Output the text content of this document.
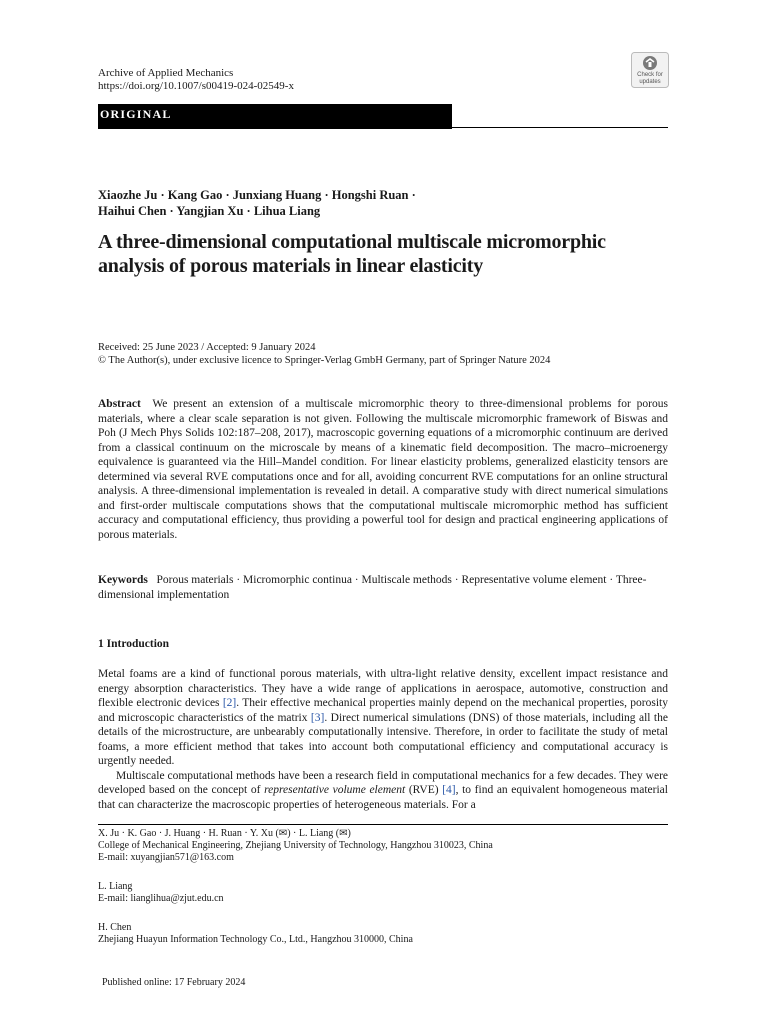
Archive of Applied Mechanics
https://doi.org/10.1007/s00419-024-02549-x
Check for
updates
ORIGINAL
Xiaozhe Ju · Kang Gao · Junxiang Huang · Hongshi Ruan ·
Haihui Chen · Yangjian Xu · Lihua Liang
A three-dimensional computational multiscale micromorphic
analysis of porous materials in linear elasticity
Received: 25 June 2023 / Accepted: 9 January 2024
© The Author(s), under exclusive licence to Springer-Verlag GmbH Germany, part of Springer Nature 2024
Abstract We present an extension of a multiscale micromorphic theory to three-dimensional problems for porous materials, where a clear scale separation is not given. Following the multiscale micromorphic framework of Biswas and Poh (J Mech Phys Solids 102:187–208, 2017), macroscopic governing equations of a micromorphic continuum are derived from a classical continuum on the microscale by means of a kinematic field decomposition. The macro–microenergy equivalence is guaranteed via the Hill–Mandel condition. For linear elasticity problems, generalized elasticity tensors are determined via several RVE computations once and for all, avoiding concurrent RVE computations for an online structural analysis. A three-dimensional implementation is revealed in detail. A comparative study with direct numerical simulations and first-order multiscale computations shows that the computational multiscale micromorphic method has sufficient accuracy and computational efficiency, thus providing a powerful tool for design and practical engineering applications of porous materials.
Keywords Porous materials · Micromorphic continua · Multiscale methods · Representative volume element · Three-dimensional implementation
1 Introduction

Metal foams are a kind of functional porous materials, with ultra-light relative density, excellent impact resistance and energy absorption characteristics. They have a wide range of applications in aerospace, automotive, construction and flexible electronic devices [2]. Their effective mechanical properties mainly depend on the mechanical properties, porosity and microscopic characteristics of the matrix [3]. Direct numerical simulations (DNS) of those materials, including all the details of the microstructure, are unbearably computationally intensive. Therefore, in order to facilitate the study of metal foams, a more efficient method that takes into account both computational efficiency and computational accuracy is urgently needed.

Multiscale computational methods have been a research field in computational mechanics for a few decades. They were developed based on the concept of representative volume element (RVE) [4], to find an equivalent homogeneous material that can characterize the macroscopic properties of heterogeneous materials. For a

X. Ju · K. Gao · J. Huang · H. Ruan · Y. Xu (✉) · L. Liang (✉)
College of Mechanical Engineering, Zhejiang University of Technology, Hangzhou 310023, China
E-mail: xuyangjian571@163.com
L. Liang
E-mail: lianglihua@zjut.edu.cn
H. Chen
Zhejiang Huayun Information Technology Co., Ltd., Hangzhou 310000, China
Published online: 17 February 2024
